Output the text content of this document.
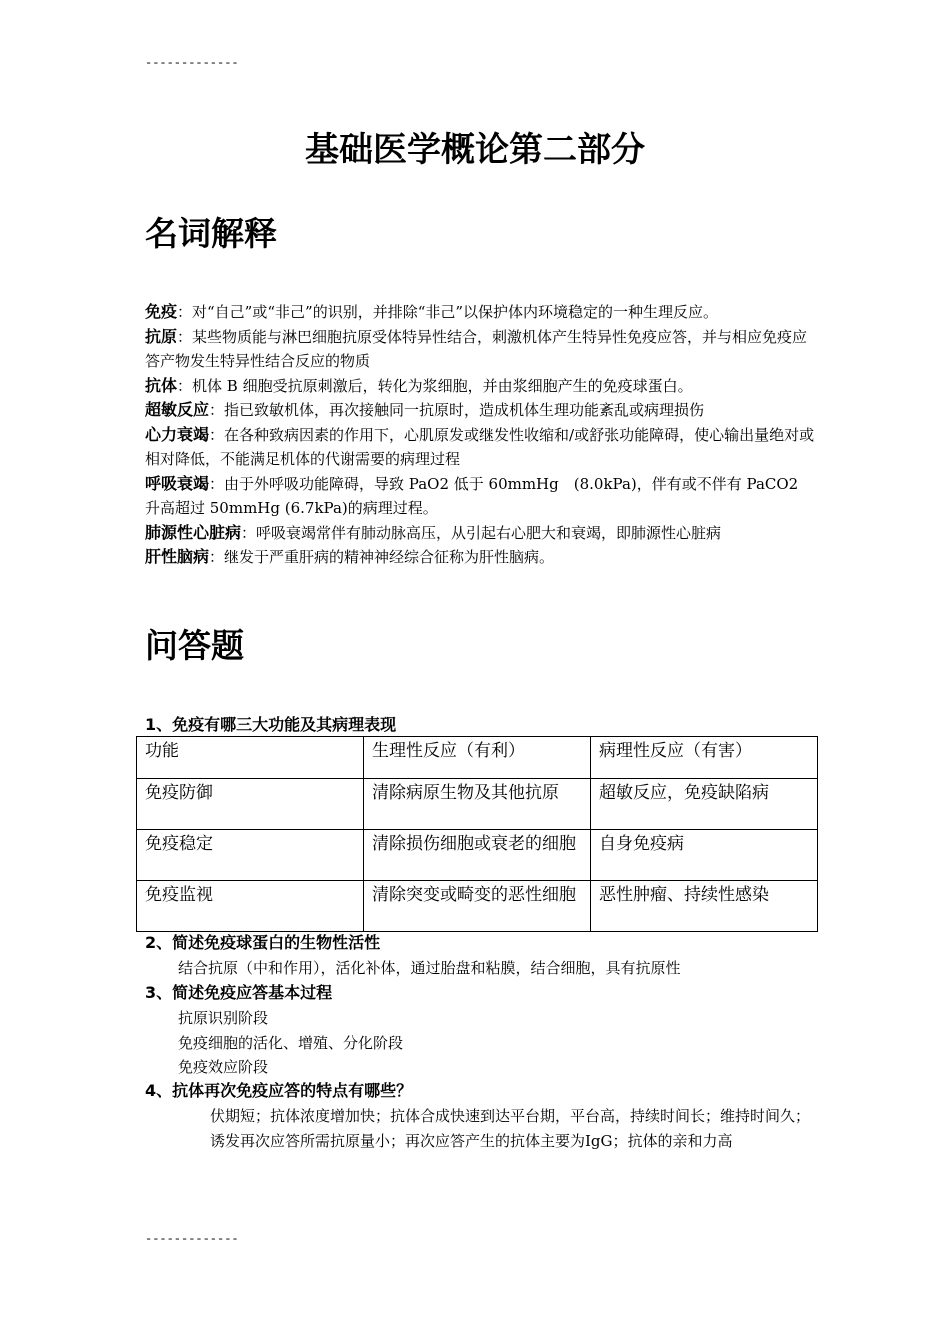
-------------
基础医学概论第二部分
名词解释

免疫：对“自己”或“非己”的识别，并排除“非己”以保护体内环境稳定的一种生理反应。

抗原：某些物质能与淋巴细胞抗原受体特异性结合，刺激机体产生特异性免疫应答，并与相应免疫应答产物发生特异性结合反应的物质

抗体：机体 B 细胞受抗原刺激后，转化为浆细胞，并由浆细胞产生的免疫球蛋白。

超敏反应：指已致敏机体，再次接触同一抗原时，造成机体生理功能紊乱或病理损伤

心力衰竭：在各种致病因素的作用下，心肌原发或继发性收缩和/或舒张功能障碍，使心输出量绝对或相对降低，不能满足机体的代谢需要的病理过程

呼吸衰竭：由于外呼吸功能障碍，导致 PaO2 低于 60mmHg　(8.0kPa)，伴有或不伴有 PaCO2 升高超过 50mmHg (6.7kPa)的病理过程。

肺源性心脏病：呼吸衰竭常伴有肺动脉高压，从引起右心肥大和衰竭，即肺源性心脏病

肝性脑病：继发于严重肝病的精神神经综合征称为肝性脑病。

问答题
1、免疫有哪三大功能及其病理表现
功能	生理性反应（有利）	病理性反应（有害）
免疫防御	清除病原生物及其他抗原	超敏反应，免疫缺陷病
免疫稳定	清除损伤细胞或衰老的细胞	自身免疫病
免疫监视	清除突变或畸变的恶性细胞	恶性肿瘤、持续性感染
2、简述免疫球蛋白的生物性活性
结合抗原（中和作用），活化补体，通过胎盘和粘膜，结合细胞，具有抗原性
3、简述免疫应答基本过程
抗原识别阶段
免疫细胞的活化、增殖、分化阶段
免疫效应阶段
4、抗体再次免疫应答的特点有哪些？
伏期短；抗体浓度增加快；抗体合成快速到达平台期，平台高，持续时间长；维持时间久；诱发再次应答所需抗原量小；再次应答产生的抗体主要为IgG；抗体的亲和力高
-------------
